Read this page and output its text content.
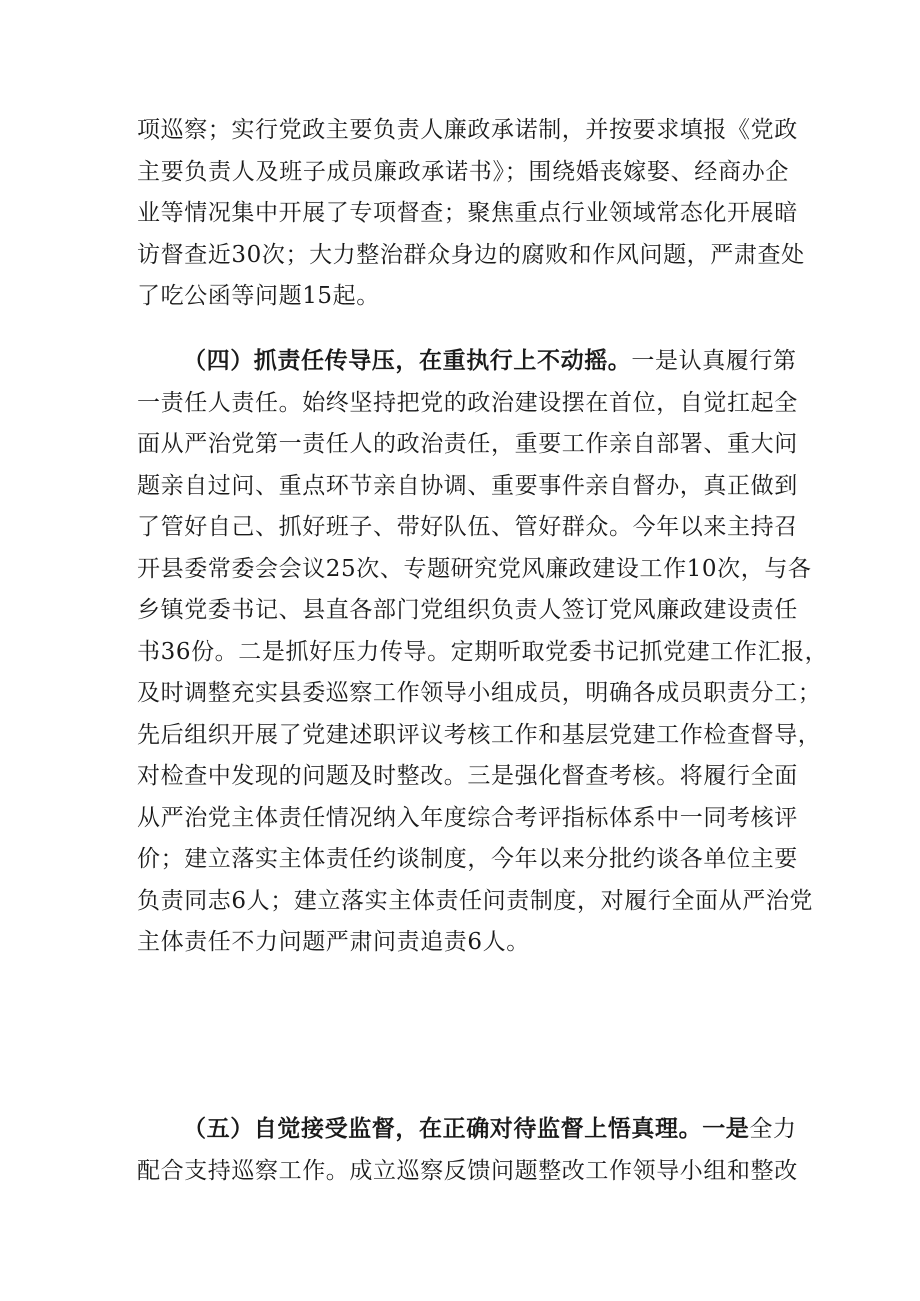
项巡察；实行党政主要负责人廉政承诺制，并按要求填报《党政
主要负责人及班子成员廉政承诺书》；围绕婚丧嫁娶、经商办企
业等情况集中开展了专项督查；聚焦重点行业领域常态化开展暗
访督查近30次；大力整治群众身边的腐败和作风问题，严肃查处
了吃公函等问题15起。
（四）抓责任传导压，在重执行上不动摇。一是认真履行第
一责任人责任。始终坚持把党的政治建设摆在首位，自觉扛起全
面从严治党第一责任人的政治责任，重要工作亲自部署、重大问
题亲自过问、重点环节亲自协调、重要事件亲自督办，真正做到
了管好自己、抓好班子、带好队伍、管好群众。今年以来主持召
开县委常委会会议25次、专题研究党风廉政建设工作10次，与各
乡镇党委书记、县直各部门党组织负责人签订党风廉政建设责任
书36份。二是抓好压力传导。定期听取党委书记抓党建工作汇报，
及时调整充实县委巡察工作领导小组成员，明确各成员职责分工；
先后组织开展了党建述职评议考核工作和基层党建工作检查督导，
对检查中发现的问题及时整改。三是强化督查考核。将履行全面
从严治党主体责任情况纳入年度综合考评指标体系中一同考核评
价；建立落实主体责任约谈制度，今年以来分批约谈各单位主要
负责同志6人；建立落实主体责任问责制度，对履行全面从严治党
主体责任不力问题严肃问责追责6人。
（五）自觉接受监督，在正确对待监督上悟真理。一是全力
配合支持巡察工作。成立巡察反馈问题整改工作领导小组和整改
